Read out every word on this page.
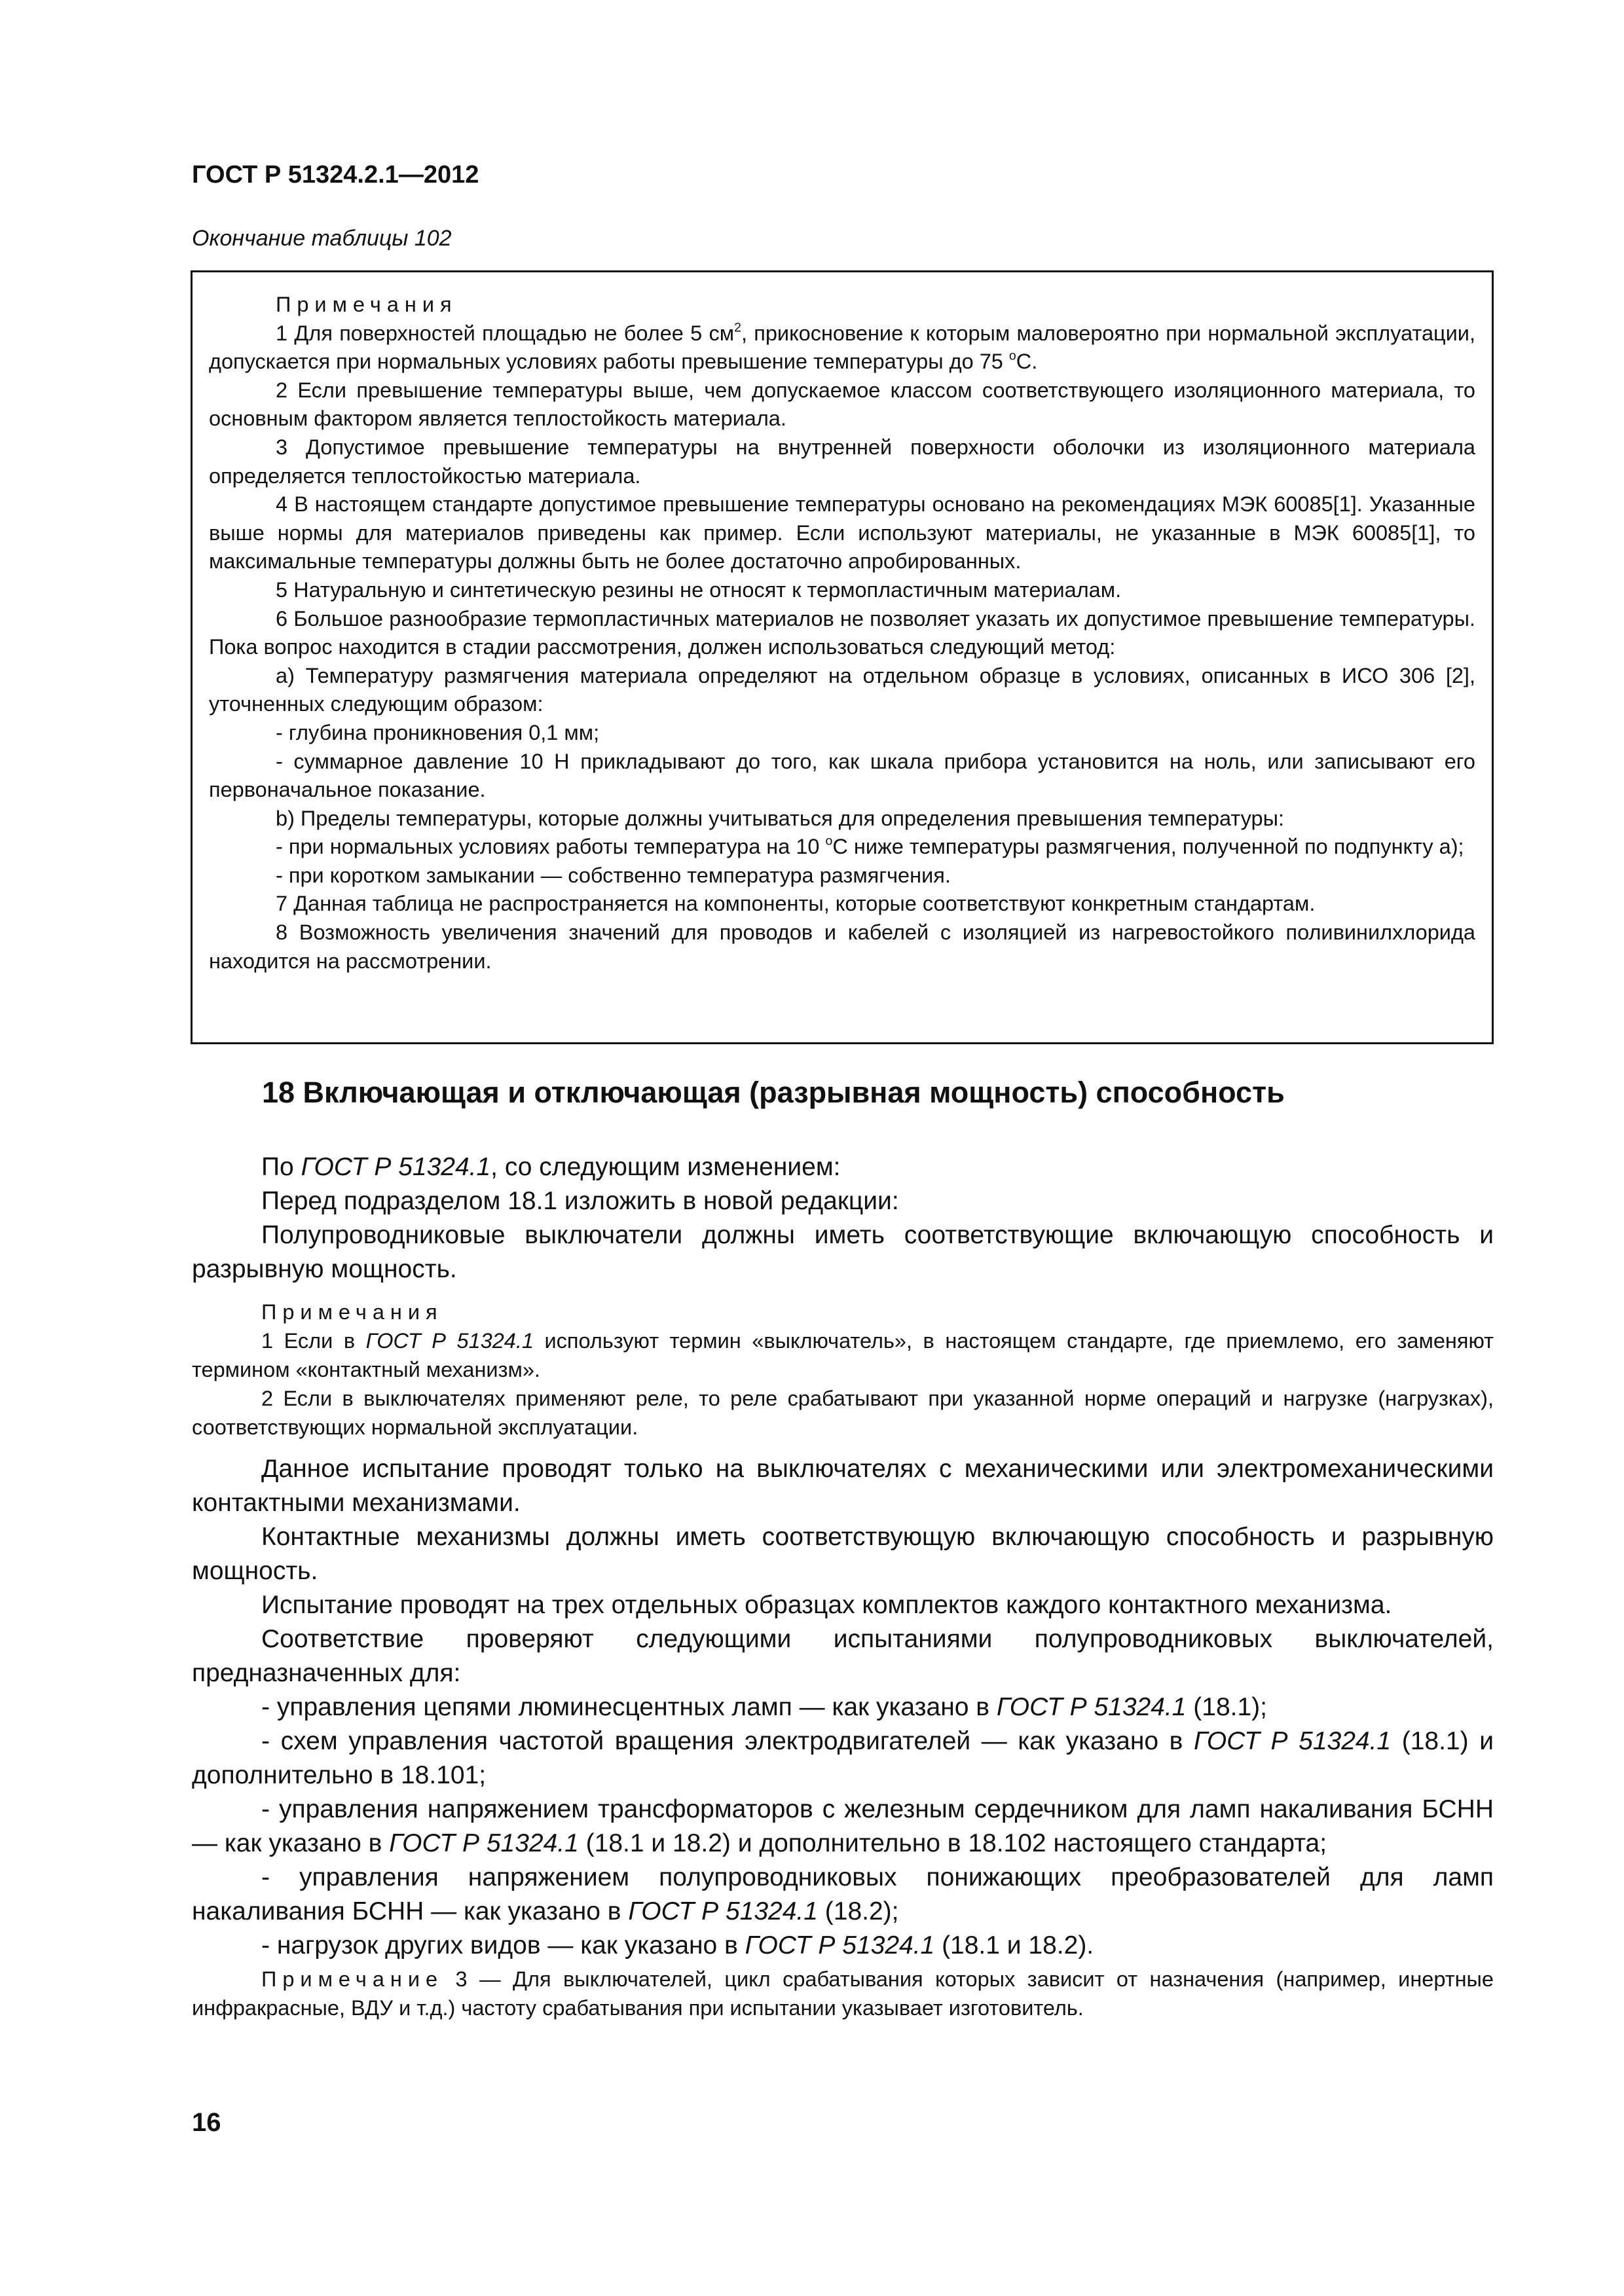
ГОСТ Р 51324.2.1—2012
Окончание таблицы 102

Примечания

1 Для поверхностей площадью не более 5 $см^2$, прикосновение к которым маловероятно при нормальной эксплуатации, допускается при нормальных условиях работы превышение температуры до 75 $^о$С.

2 Если превышение температуры выше, чем допускаемое классом соответствующего изоляционного материала, то основным фактором является теплостойкость материала.

3 Допустимое превышение температуры на внутренней поверхности оболочки из изоляционного материала определяется теплостойкостью материала.

4 В настоящем стандарте допустимое превышение температуры основано на рекомендациях МЭК 60085[1]. Указанные выше нормы для материалов приведены как пример. Если используют материалы, не указанные в МЭК 60085[1], то максимальные температуры должны быть не более достаточно апробированных.

5 Натуральную и синтетическую резины не относят к термопластичным материалам.

6 Большое разнообразие термопластичных материалов не позволяет указать их допустимое превышение температуры. Пока вопрос находится в стадии рассмотрения, должен использоваться следующий метод:

а) Температуру размягчения материала определяют на отдельном образце в условиях, описанных в ИСО 306 [2], уточненных следующим образом:

- глубина проникновения 0,1 мм;

- суммарное давление 10 Н прикладывают до того, как шкала прибора установится на ноль, или записывают его первоначальное показание.

b) Пределы температуры, которые должны учитываться для определения превышения температуры:

- при нормальных условиях работы температура на 10 $^о$С ниже температуры размягчения, полученной по подпункту а);

- при коротком замыкании — собственно температура размягчения.

7 Данная таблица не распространяется на компоненты, которые соответствуют конкретным стандартам.

8 Возможность увеличения значений для проводов и кабелей с изоляцией из нагревостойкого поливинилхлорида находится на рассмотрении.

18 Включающая и отключающая (разрывная мощность) способность

По ГОСТ Р 51324.1, со следующим изменением:

Перед подразделом 18.1 изложить в новой редакции:

Полупроводниковые выключатели должны иметь соответствующие включающую способность и разрывную мощность.

Примечания

1 Если в ГОСТ Р 51324.1 используют термин «выключатель», в настоящем стандарте, где приемлемо, его заменяют термином «контактный механизм».

2 Если в выключателях применяют реле, то реле срабатывают при указанной норме операций и нагрузке (нагрузках), соответствующих нормальной эксплуатации.

Данное испытание проводят только на выключателях с механическими или электромеханическими контактными механизмами.

Контактные механизмы должны иметь соответствующую включающую способность и разрывную мощность.

Испытание проводят на трех отдельных образцах комплектов каждого контактного механизма.

Соответствие проверяют следующими испытаниями полупроводниковых выключателей, предназначенных для:

- управления цепями люминесцентных ламп — как указано в ГОСТ Р 51324.1 (18.1);

- схем управления частотой вращения электродвигателей — как указано в ГОСТ Р 51324.1 (18.1) и дополнительно в 18.101;

- управления напряжением трансформаторов с железным сердечником для ламп накаливания БСНН — как указано в ГОСТ Р 51324.1 (18.1 и 18.2) и дополнительно в 18.102 настоящего стандарта;

- управления напряжением полупроводниковых понижающих преобразователей для ламп накаливания БСНН — как указано в ГОСТ Р 51324.1 (18.2);

- нагрузок других видов — как указано в ГОСТ Р 51324.1 (18.1 и 18.2).

Примечание 3 — Для выключателей, цикл срабатывания которых зависит от назначения (например, инертные инфракрасные, ВДУ и т.д.) частоту срабатывания при испытании указывает изготовитель.

16
